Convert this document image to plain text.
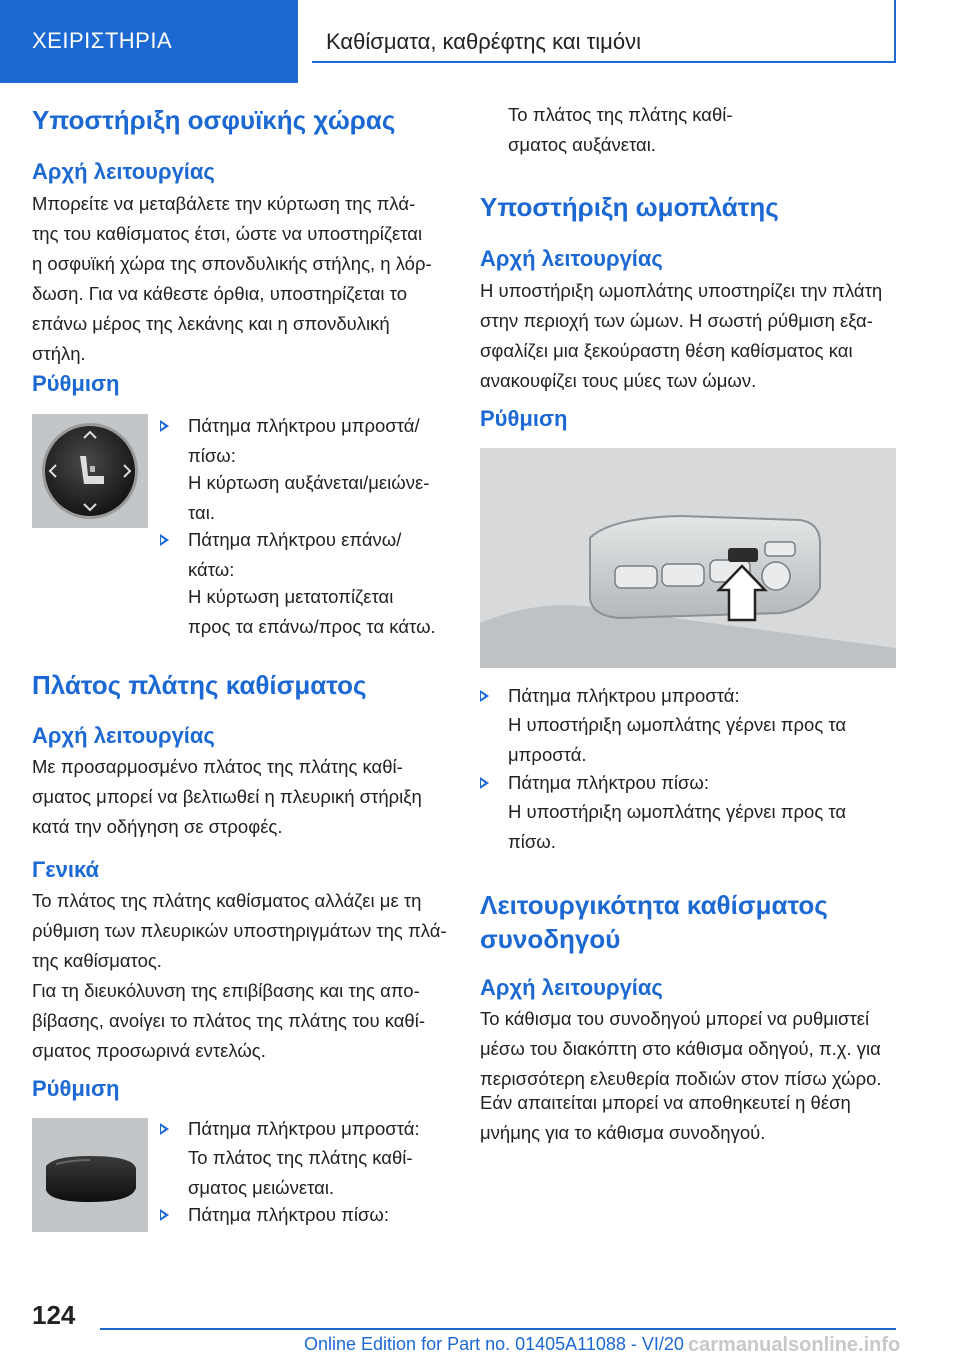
ΧΕΙΡΙΣΤΗΡΙΑ	Καθίσματα, καθρέφτης και τιμόνι
Υποστήριξη οσφυϊκής χώρας
Αρχή λειτουργίας
Μπορείτε να μεταβάλετε την κύρτωση της πλά-
της του καθίσματος έτσι, ώστε να υποστηρίζεται
η οσφυϊκή χώρα της σπονδυλικής στήλης, η λόρ-
δωση. Για να κάθεστε όρθια, υποστηρίζεται το
επάνω μέρος της λεκάνης και η σπονδυλική
στήλη.
Ρύθμιση
Πάτημα πλήκτρου μπροστά/
πίσω:
Η κύρτωση αυξάνεται/μειώνε-
ται.
Πάτημα πλήκτρου επάνω/
κάτω:
Η κύρτωση μετατοπίζεται
προς τα επάνω/προς τα κάτω.
Πλάτος πλάτης καθίσματος
Αρχή λειτουργίας
Με προσαρμοσμένο πλάτος της πλάτης καθί-
σματος μπορεί να βελτιωθεί η πλευρική στήριξη
κατά την οδήγηση σε στροφές.
Γενικά
Το πλάτος της πλάτης καθίσματος αλλάζει με τη
ρύθμιση των πλευρικών υποστηριγμάτων της πλά-
της καθίσματος.
Για τη διευκόλυνση της επιβίβασης και της απο-
βίβασης, ανοίγει το πλάτος της πλάτης του καθί-
σματος προσωρινά εντελώς.
Ρύθμιση
Πάτημα πλήκτρου μπροστά:
Το πλάτος της πλάτης καθί-
σματος μειώνεται.
Πάτημα πλήκτρου πίσω:
Το πλάτος της πλάτης καθί-
σματος αυξάνεται.
Υποστήριξη ωμοπλάτης
Αρχή λειτουργίας
Η υποστήριξη ωμοπλάτης υποστηρίζει την πλάτη
στην περιοχή των ώμων. Η σωστή ρύθμιση εξα-
σφαλίζει μια ξεκούραστη θέση καθίσματος και
ανακουφίζει τους μύες των ώμων.
Ρύθμιση
Πάτημα πλήκτρου μπροστά:
Η υποστήριξη ωμοπλάτης γέρνει προς τα
μπροστά.
Πάτημα πλήκτρου πίσω:
Η υποστήριξη ωμοπλάτης γέρνει προς τα
πίσω.
Λειτουργικότητα καθίσματος
συνοδηγού
Αρχή λειτουργίας
Το κάθισμα του συνοδηγού μπορεί να ρυθμιστεί
μέσω του διακόπτη στο κάθισμα οδηγού, π.χ. για
περισσότερη ελευθερία ποδιών στον πίσω χώρο.
Εάν απαιτείται μπορεί να αποθηκευτεί η θέση
μνήμης για το κάθισμα συνοδηγού.
124
Online Edition for Part no. 01405A11088 - VI/20 carmanualsonline.info
